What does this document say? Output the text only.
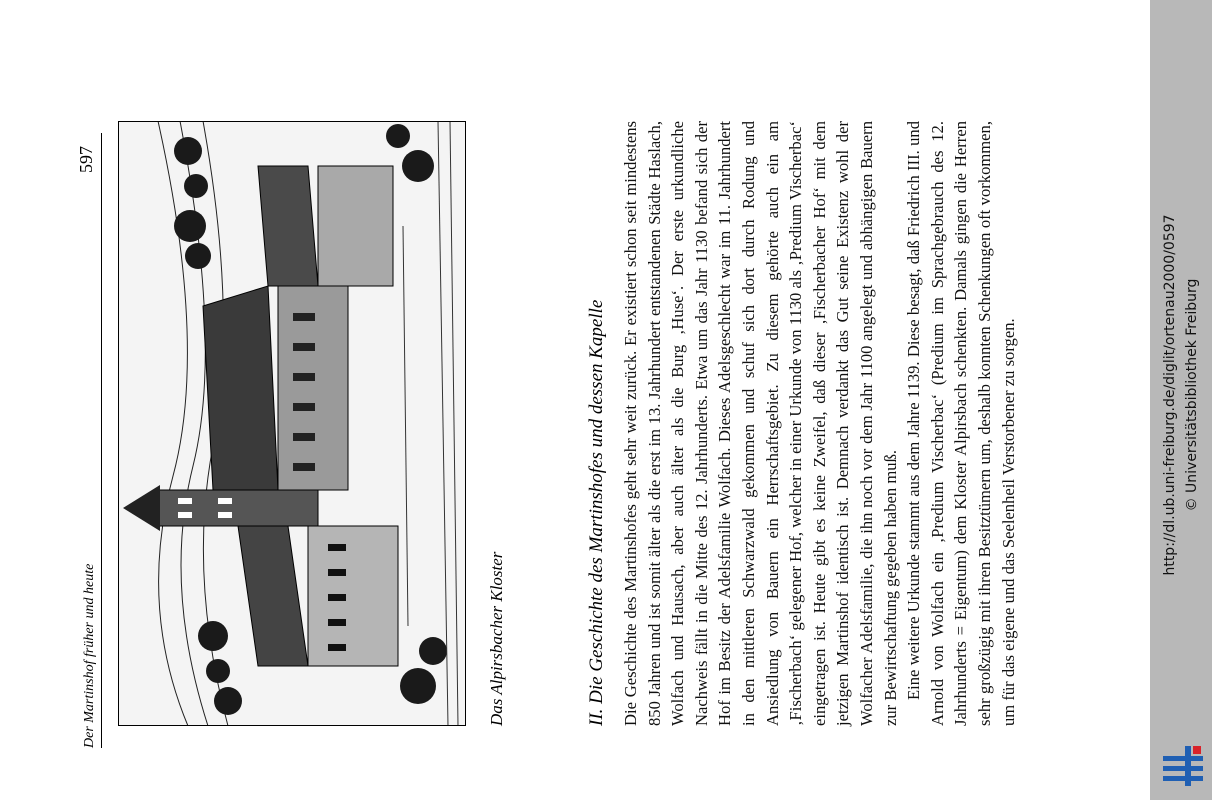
Der Martinshof früher und heute
597
Das Alpirsbacher Kloster	II. Die Geschichte des Martinshofes und dessen Kapelle Die Geschichte des Martinshofes geht sehr weit zurück. Er existiert schon seit mindestens 850 Jahren und ist somit älter als die erst im 13. Jahrhundert entstandenen Städte Haslach, Wolfach und Hausach, aber auch älter als die Burg ‚Huse‘. Der erste urkundliche Nachweis fällt in die Mitte des 12. Jahrhunderts. Etwa um das Jahr 1130 befand sich der Hof im Besitz der Adelsfamilie Wolfach. Dieses Adelsgeschlecht war im 11. Jahrhundert in den mittleren Schwarzwald gekommen und schuf sich dort durch Rodung und Ansiedlung von Bauern ein Herrschaftsgebiet. Zu diesem gehörte auch ein am ‚Fischerbach‘ gelegener Hof, welcher in einer Urkunde von 1130 als ‚Predium Vischerbac‘ eingetragen ist. Heute gibt es keine Zweifel, daß dieser ‚Fischerbacher Hof‘ mit dem jetzigen Martinshof identisch ist. Demnach verdankt das Gut seine Existenz wohl der Wolfacher Adelsfamilie, die ihn noch vor dem Jahr 1100 angelegt und abhängigen Bauern zur Bewirtschaftung gegeben haben muß. Eine weitere Urkunde stammt aus dem Jahre 1139. Diese besagt, daß Friedrich III. und Arnold von Wolfach ein ‚Predium Vischerbac‘ (Predium im Sprachgebrauch des 12. Jahrhunderts = Eigentum) dem Kloster Alpirsbach schenkten. Damals gingen die Herren sehr großzügig mit ihren Besitztümern um, deshalb konnten Schenkungen oft vorkommen, um für das eigene und das Seelenheil Verstorbener zu sorgen.	http://dl.ub.uni-freiburg.de/diglit/ortenau2000/0597 © Universitätsbibliothek Freiburg
